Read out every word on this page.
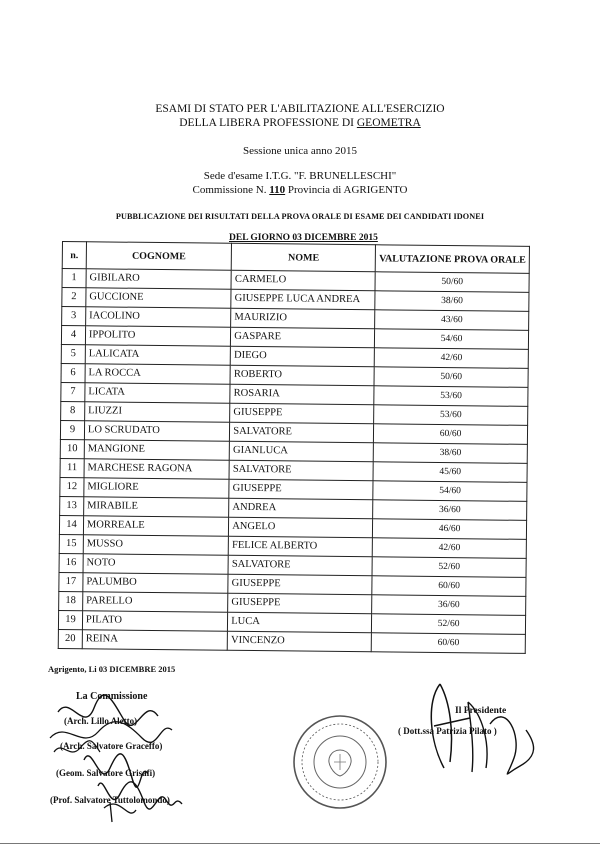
ESAMI DI STATO PER L'ABILITAZIONE ALL'ESERCIZIO
DELLA LIBERA PROFESSIONE DI GEOMETRA
Sessione unica anno 2015
Sede d'esame I.T.G. "F. BRUNELLESCHI"
Commissione N. 110 Provincia di AGRIGENTO
PUBBLICAZIONE DEI RISULTATI DELLA PROVA ORALE DI ESAME DEI CANDIDATI IDONEI
DEL GIORNO 03 DICEMBRE 2015
n.	COGNOME	NOME	VALUTAZIONE PROVA ORALE
1	GIBILARO	CARMELO	50/60
2	GUCCIONE	GIUSEPPE LUCA ANDREA	38/60
3	IACOLINO	MAURIZIO	43/60
4	IPPOLITO	GASPARE	54/60
5	LALICATA	DIEGO	42/60
6	LA ROCCA	ROBERTO	50/60
7	LICATA	ROSARIA	53/60
8	LIUZZI	GIUSEPPE	53/60
9	LO SCRUDATO	SALVATORE	60/60
10	MANGIONE	GIANLUCA	38/60
11	MARCHESE RAGONA	SALVATORE	45/60
12	MIGLIORE	GIUSEPPE	54/60
13	MIRABILE	ANDREA	36/60
14	MORREALE	ANGELO	46/60
15	MUSSO	FELICE ALBERTO	42/60
16	NOTO	SALVATORE	52/60
17	PALUMBO	GIUSEPPE	60/60
18	PARELLO	GIUSEPPE	36/60
19	PILATO	LUCA	52/60
20	REINA	VINCENZO	60/60
Agrigento, Li 03 DICEMBRE 2015
La Commissione
(Arch. Lillo Aletto)
(Arch. Salvatore Graceffo)
(Geom. Salvatore Grisafi)
(Prof. Salvatore Tuttolomondo)
Il Presidente
( Dott.ssa Patrizia Pilato )
